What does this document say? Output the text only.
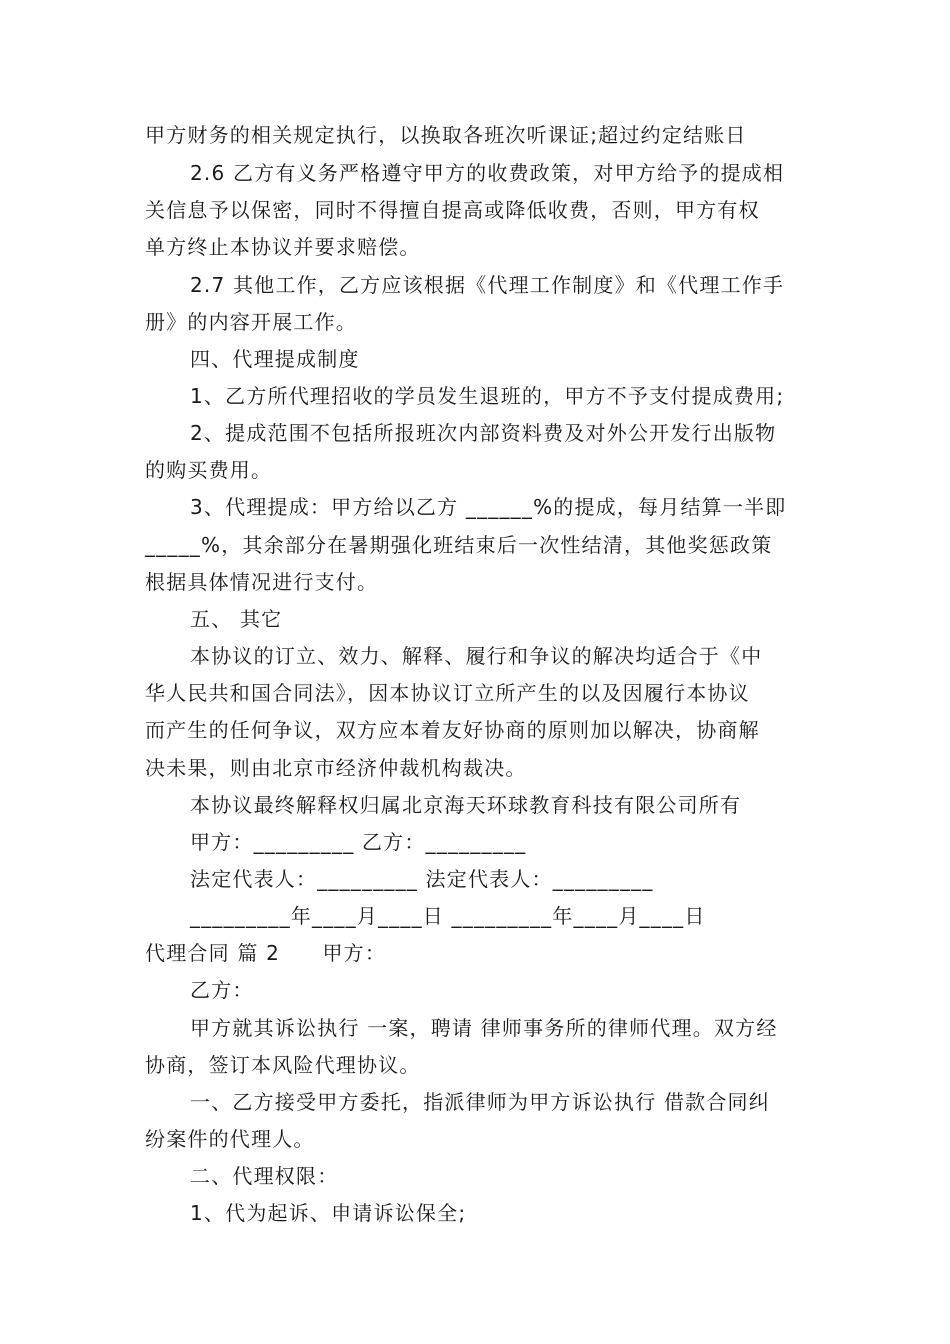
甲方财务的相关规定执行，以换取各班次听课证;超过约定结账日
2.6 乙方有义务严格遵守甲方的收费政策，对甲方给予的提成相
关信息予以保密，同时不得擅自提高或降低收费，否则，甲方有权
单方终止本协议并要求赔偿。
2.7 其他工作，乙方应该根据《代理工作制度》和《代理工作手
册》的内容开展工作。
四、代理提成制度
1、乙方所代理招收的学员发生退班的，甲方不予支付提成费用;
2、提成范围不包括所报班次内部资料费及对外公开发行出版物
的购买费用。
3、代理提成：甲方给以乙方 ______%的提成，每月结算一半即
_____%，其余部分在暑期强化班结束后一次性结清，其他奖惩政策
根据具体情况进行支付。
五、 其它
本协议的订立、效力、解释、履行和争议的解决均适合于《中
华人民共和国合同法》，因本协议订立所产生的以及因履行本协议
而产生的任何争议，双方应本着友好协商的原则加以解决，协商解
决未果，则由北京市经济仲裁机构裁决。
本协议最终解释权归属北京海天环球教育科技有限公司所有
甲方：_________ 乙方：_________
法定代表人：_________ 法定代表人：_________
_________年____月____日 _________年____月____日
代理合同 篇 2　　甲方：
乙方：
甲方就其诉讼执行 一案，聘请 律师事务所的律师代理。双方经
协商，签订本风险代理协议。
一、乙方接受甲方委托，指派律师为甲方诉讼执行 借款合同纠
纷案件的代理人。
二、代理权限：
1、代为起诉、申请诉讼保全;
